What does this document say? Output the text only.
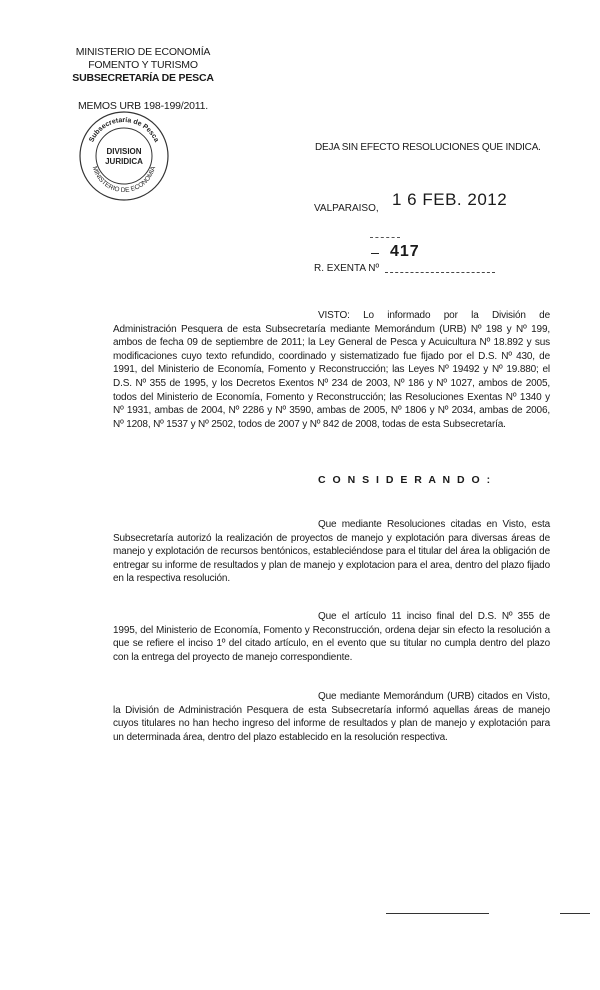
MINISTERIO DE ECONOMÍA
FOMENTO Y TURISMO
SUBSECRETARÍA DE PESCA
MEMOS URB 198-199/2011.
Subsecretaría de Pesca
MINISTERIO DE ECONOMIA
DIVISION
JURIDICA
DEJA SIN EFECTO RESOLUCIONES QUE INDICA.
VALPARAISO, 1 6 FEB. 2012
417
R. EXENTA Nº
VISTO: Lo informado por la División de Administración Pesquera de esta Subsecretaría mediante Memorándum (URB) Nº 198 y Nº 199, ambos de fecha 09 de septiembre de 2011; la Ley General de Pesca y Acuicultura Nº 18.892 y sus modificaciones cuyo texto refundido, coordinado y sistematizado fue fijado por el D.S. Nº 430, de 1991, del Ministerio de Economía, Fomento y Reconstrucción; las Leyes Nº 19492 y Nº 19.880; el D.S. Nº 355 de 1995, y los Decretos Exentos Nº 234 de 2003, Nº 186 y Nº 1027, ambos de 2005, todos del Ministerio de Economía, Fomento y Reconstrucción; las Resoluciones Exentas Nº 1340 y Nº 1931, ambas de 2004, Nº 2286 y Nº 3590, ambas de 2005, Nº 1806 y Nº 2034, ambas de 2006, Nº 1208, Nº 1537 y Nº 2502, todos de 2007 y Nº 842 de 2008, todas de esta Subsecretaría.
C O N S I D E R A N D O :
Que mediante Resoluciones citadas en Visto, esta Subsecretaría autorizó la realización de proyectos de manejo y explotación para diversas áreas de manejo y explotación de recursos bentónicos, estableciéndose para el titular del área la obligación de entregar su informe de resultados y plan de manejo y explotacion para el area, dentro del plazo fijado en la respectiva resolución.
Que el artículo 11 inciso final del D.S. Nº 355 de 1995, del Ministerio de Economía, Fomento y Reconstrucción, ordena dejar sin efecto la resolución a que se refiere el inciso 1º del citado artículo, en el evento que su titular no cumpla dentro del plazo con la entrega del proyecto de manejo correspondiente.
Que mediante Memorándum (URB) citados en Visto, la División de Administración Pesquera de esta Subsecretaría informó aquellas áreas de manejo cuyos titulares no han hecho ingreso del informe de resultados y plan de manejo y explotación para un determinada área, dentro del plazo establecido en la resolución respectiva.
